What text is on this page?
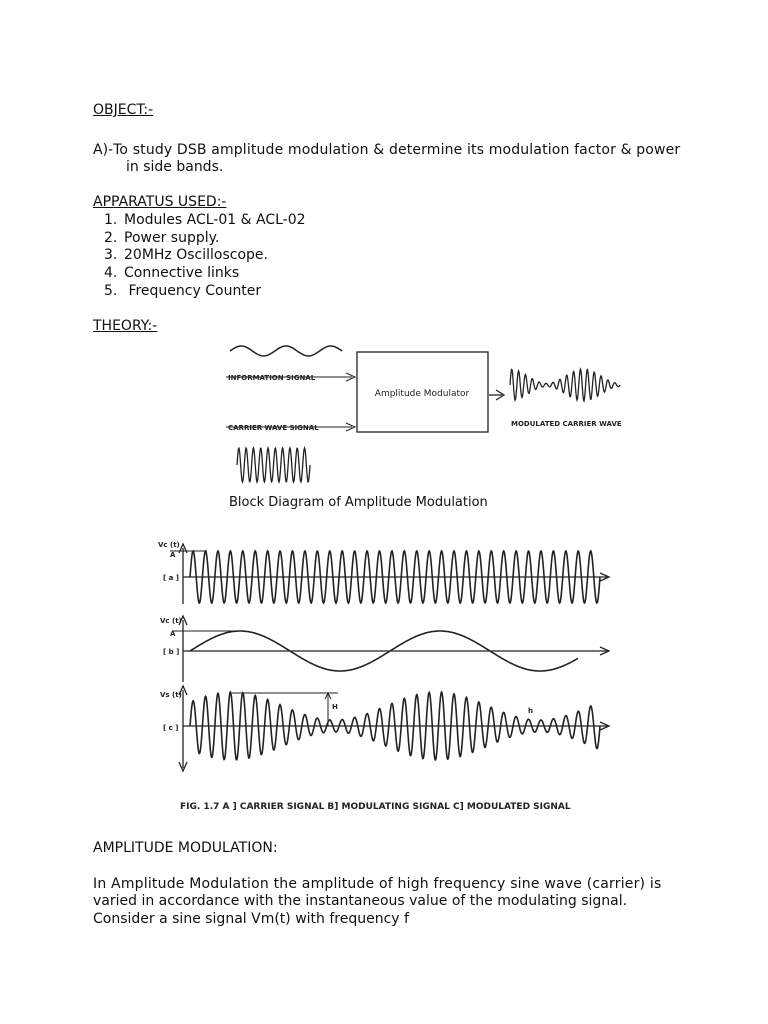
OBJECT:-
A)-To study DSB amplitude modulation & determine its modulation factor & power
in side bands.
APPARATUS USED:-
1. Modules ACL-01 & ACL-02
2. Power supply.
3. 20MHz Oscilloscope.
4. Connective links
5. Frequency Counter
THEORY:-
INFORMATION SIGNAL
CARRIER WAVE SIGNAL
Amplitude Modulator
MODULATED CARRIER WAVE
Block Diagram of Amplitude Modulation
Vc (t)
A
[ a ]
Vc (t)
A
[ b ]
Vs (t)
[ c ]
H	h
FIG. 1.7 A ] CARRIER SIGNAL B] MODULATING SIGNAL C] MODULATED SIGNAL
AMPLITUDE MODULATION:
In Amplitude Modulation the amplitude of high frequency sine wave (carrier) is
varied in accordance with the instantaneous value of the modulating signal.
Consider a sine signal Vm(t) with frequency f
